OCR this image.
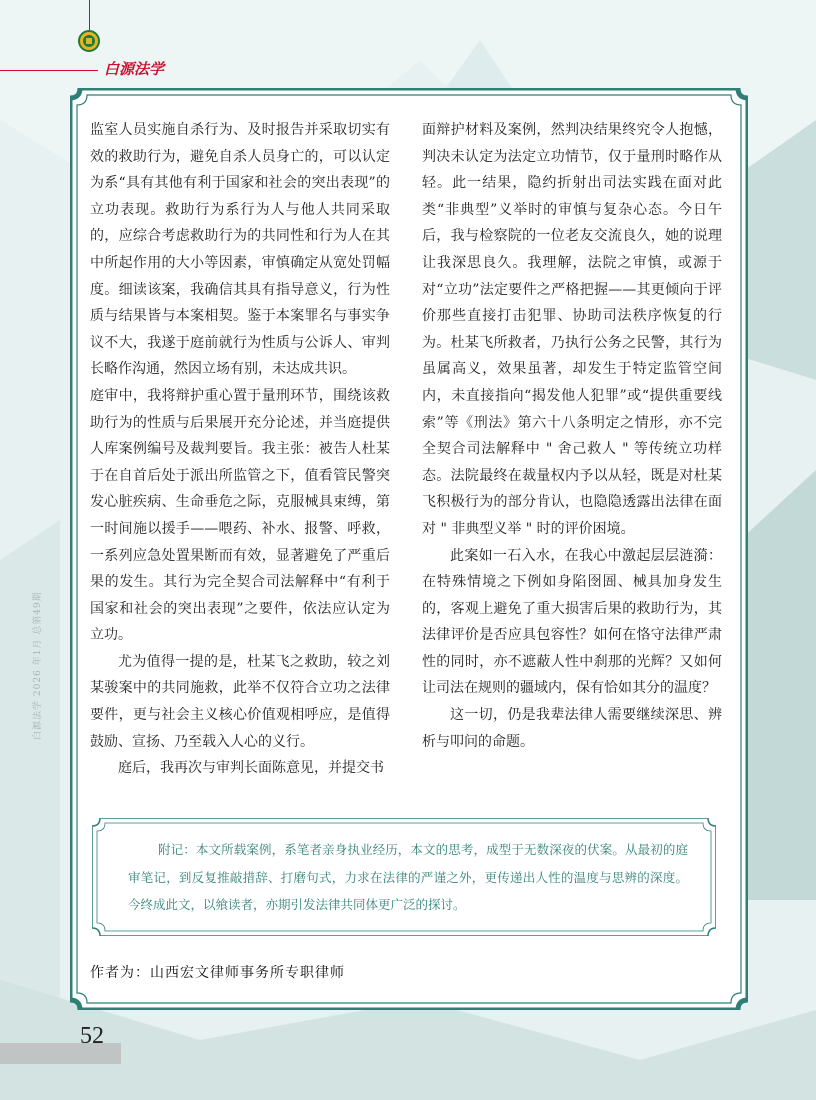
白源法学
白源法学 2026 年1月 总第49期

监室人员实施自杀行为、及时报告并采取切实有效的救助行为，避免自杀人员身亡的，可以认定为系“具有其他有利于国家和社会的突出表现”的立功表现。救助行为系行为人与他人共同采取的，应综合考虑救助行为的共同性和行为人在其中所起作用的大小等因素，审慎确定从宽处罚幅度。细读该案，我确信其具有指导意义，行为性质与结果皆与本案相契。鉴于本案罪名与事实争议不大，我遂于庭前就行为性质与公诉人、审判长略作沟通，然因立场有别，未达成共识。

庭审中，我将辩护重心置于量刑环节，围绕该救助行为的性质与后果展开充分论述，并当庭提供人库案例编号及裁判要旨。我主张：被告人杜某于在自首后处于派出所监管之下，值看管民警突发心脏疾病、生命垂危之际，克服械具束缚，第一时间施以援手——喂药、补水、报警、呼救，一系列应急处置果断而有效，显著避免了严重后果的发生。其行为完全契合司法解释中“有利于国家和社会的突出表现”之要件，依法应认定为立功。

尤为值得一提的是，杜某飞之救助，较之刘某骏案中的共同施救，此举不仅符合立功之法律要件，更与社会主义核心价值观相呼应，是值得鼓励、宣扬、乃至载入人心的义行。

庭后，我再次与审判长面陈意见，并提交书

面辩护材料及案例，然判决结果终究令人抱憾，判决未认定为法定立功情节，仅于量刑时略作从轻。此一结果，隐约折射出司法实践在面对此类“非典型”义举时的审慎与复杂心态。今日午后，我与检察院的一位老友交流良久，她的说理让我深思良久。我理解，法院之审慎，或源于对“立功”法定要件之严格把握——其更倾向于评价那些直接打击犯罪、协助司法秩序恢复的行为。杜某飞所救者，乃执行公务之民警，其行为虽属高义，效果虽著，却发生于特定监管空间内，未直接指向“揭发他人犯罪”或“提供重要线索”等《刑法》第六十八条明定之情形，亦不完全契合司法解释中 " 舍己救人 " 等传统立功样态。法院最终在裁量权内予以从轻，既是对杜某飞积极行为的部分肯认，也隐隐透露出法律在面对 " 非典型义举 " 时的评价困境。

此案如一石入水，在我心中激起层层涟漪：在特殊情境之下例如身陷囹圄、械具加身发生的，客观上避免了重大损害后果的救助行为，其法律评价是否应具包容性？如何在恪守法律严肃性的同时，亦不遮蔽人性中刹那的光辉？又如何让司法在规则的疆域内，保有恰如其分的温度？

这一切，仍是我辈法律人需要继续深思、辨析与叩问的命题。

附记：本文所载案例，系笔者亲身执业经历，本文的思考，成型于无数深夜的伏案。从最初的庭审笔记，到反复推敲措辞、打磨句式，力求在法律的严谨之外，更传递出人性的温度与思辨的深度。今终成此文，以飨读者，亦期引发法律共同体更广泛的探讨。

作者为：山西宏文律师事务所专职律师
52
